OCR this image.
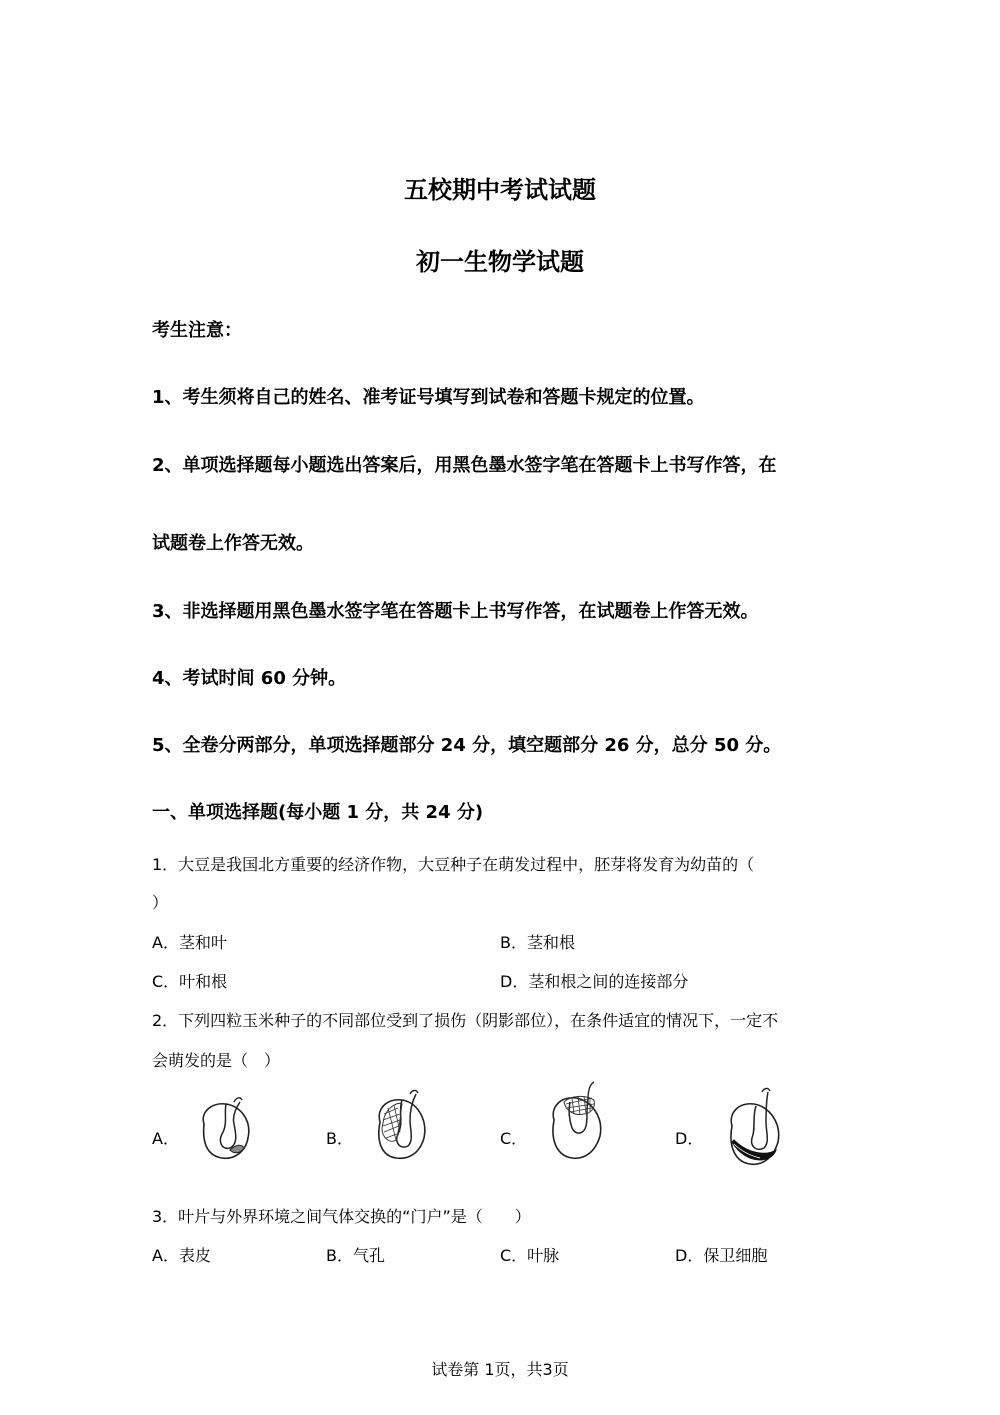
五校期中考试试题
初一生物学试题
考生注意：
1、考生须将自己的姓名、准考证号填写到试卷和答题卡规定的位置。
2、单项选择题每小题选出答案后，用黑色墨水签字笔在答题卡上书写作答，在
试题卷上作答无效。
3、非选择题用黑色墨水签字笔在答题卡上书写作答，在试题卷上作答无效。
4、考试时间 60 分钟。
5、全卷分两部分，单项选择题部分 24 分，填空题部分 26 分，总分 50 分。
一、单项选择题(每小题 1 分，共 24 分)
1．大豆是我国北方重要的经济作物，大豆种子在萌发过程中，胚芽将发育为幼苗的（
）
A．茎和叶	B．茎和根
C．叶和根	D．茎和根之间的连接部分
2．下列四粒玉米种子的不同部位受到了损伤（阴影部位），在条件适宜的情况下，一定不
会萌发的是（　）
A．	B．	C．	D．
3．叶片与外界环境之间气体交换的“门户”是（　　）
A．表皮	B．气孔	C．叶脉	D．保卫细胞
试卷第 1页，共3页
